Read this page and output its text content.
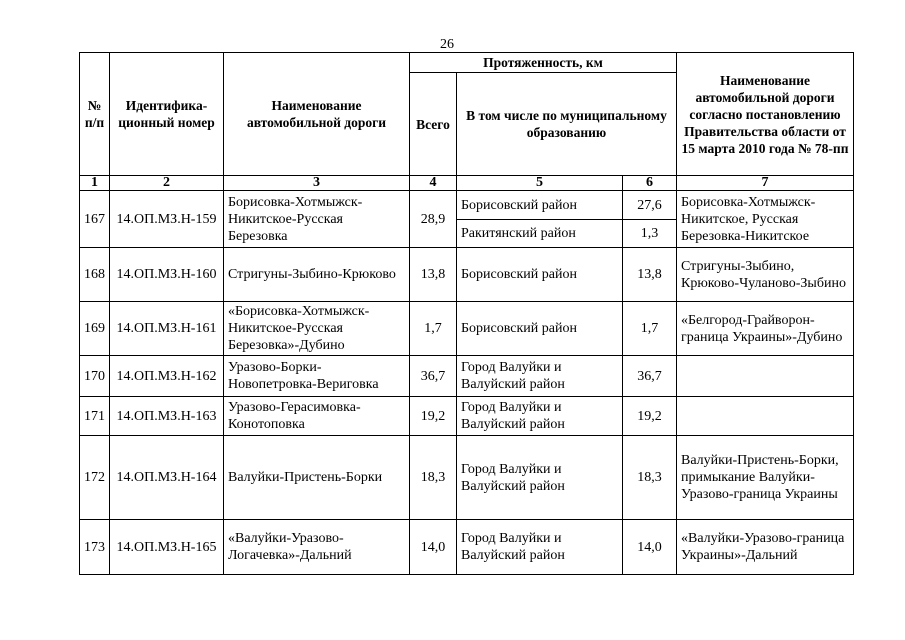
26
№ п/п	Идентифика-ционный номер	Наименование автомобильной дороги	Протяженность, км			Наименование автомобильной дороги согласно постановлению Правительства области от 15 марта 2010 года № 78-пп
			Всего	В том числе по муниципальному образованию		
1	2	3	4	5	6	7
167	14.ОП.МЗ.Н-159	Борисовка-Хотмыжск-Никитское-Русская Березовка	28,9	Борисовский район	27,6	Борисовка-Хотмыжск-Никитское, Русская Березовка-Никитское
				Ракитянский район	1,3	
168	14.ОП.МЗ.Н-160	Стригуны-Зыбино-Крюково	13,8	Борисовский район	13,8	Стригуны-Зыбино, Крюково-Чуланово-Зыбино
169	14.ОП.МЗ.Н-161	«Борисовка-Хотмыжск-Никитское-Русская Березовка»-Дубино	1,7	Борисовский район	1,7	«Белгород-Грайворон-граница Украины»-Дубино
170	14.ОП.МЗ.Н-162	Уразово-Борки-Новопетровка-Вериговка	36,7	Город Валуйки и Валуйский район	36,7	
171	14.ОП.МЗ.Н-163	Уразово-Герасимовка-Конотоповка	19,2	Город Валуйки и Валуйский район	19,2	
172	14.ОП.МЗ.Н-164	Валуйки-Пристень-Борки	18,3	Город Валуйки и Валуйский район	18,3	Валуйки-Пристень-Борки, примыкание Валуйки-Уразово-граница Украины
173	14.ОП.МЗ.Н-165	«Валуйки-Уразово-Логачевка»-Дальний	14,0	Город Валуйки и Валуйский район	14,0	«Валуйки-Уразово-граница Украины»-Дальний
